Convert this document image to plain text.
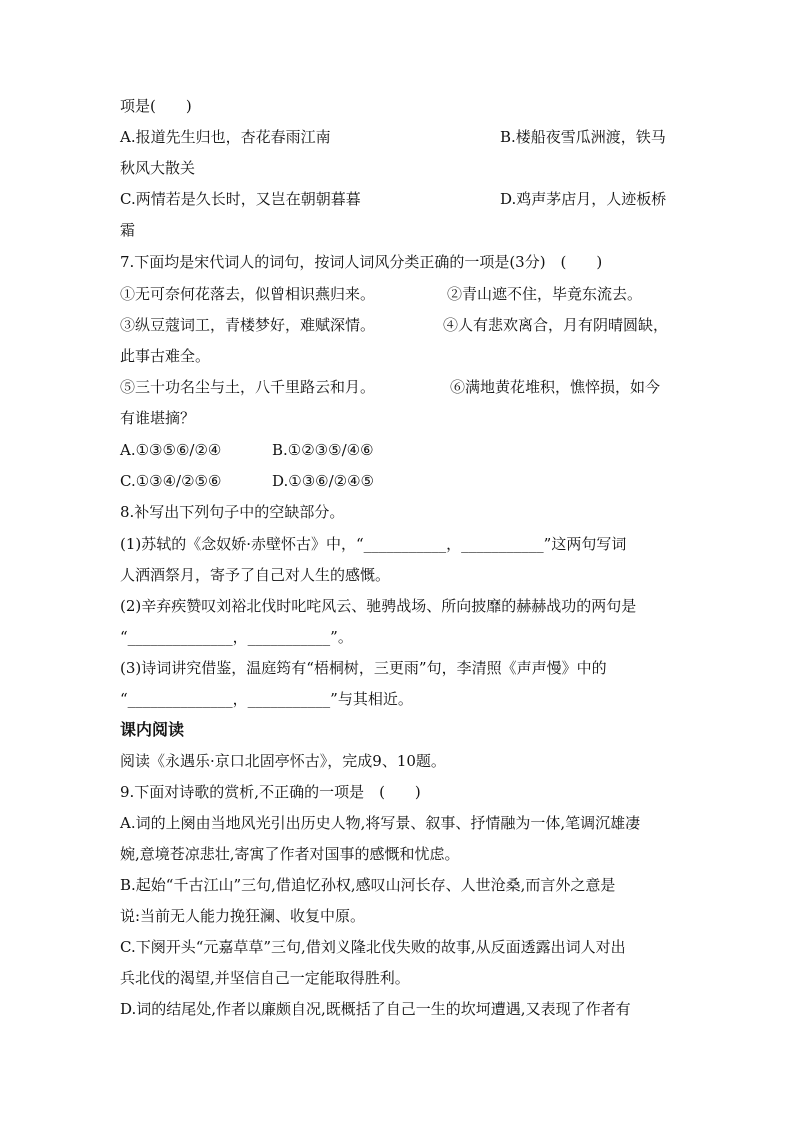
项是(　　)
A.报道先生归也，杏花春雨江南	B.楼船夜雪瓜洲渡，铁马
秋风大散关
C.两情若是久长时，又岂在朝朝暮暮	D.鸡声茅店月，人迹板桥
霜
7.下面均是宋代词人的词句，按词人词风分类正确的一项是(3分)　(　　)
①无可奈何花落去，似曾相识燕归来。	②青山遮不住，毕竟东流去。
③纵豆蔻词工，青楼梦好，难赋深情。	④人有悲欢离合，月有阴晴圆缺，
此事古难全。
⑤三十功名尘与土，八千里路云和月。	⑥满地黄花堆积，憔悴损，如今
有谁堪摘？
A.①③⑤⑥/②④	B.①②③⑤/④⑥
C.①③④/②⑤⑥	D.①③⑥/②④⑤
8.补写出下列句子中的空缺部分。
(1)苏轼的《念奴娇·赤壁怀古》中，“___________，___________”这两句写词
人洒酒祭月，寄予了自己对人生的感慨。
(2)辛弃疾赞叹刘裕北伐时叱咤风云、驰骋战场、所向披靡的赫赫战功的两句是
“______________，___________”。
(3)诗词讲究借鉴，温庭筠有“梧桐树，三更雨”句，李清照《声声慢》中的
“______________，___________”与其相近。
课内阅读
阅读《永遇乐·京口北固亭怀古》，完成9、10题。
9.下面对诗歌的赏析,不正确的一项是　(　　)
A.词的上阕由当地风光引出历史人物,将写景、叙事、抒情融为一体,笔调沉雄凄
婉,意境苍凉悲壮,寄寓了作者对国事的感慨和忧虑。
B.起始“千古江山”三句,借追忆孙权,感叹山河长存、人世沧桑,而言外之意是
说:当前无人能力挽狂澜、收复中原。
C.下阕开头“元嘉草草”三句,借刘义隆北伐失败的故事,从反面透露出词人对出
兵北伐的渴望,并坚信自己一定能取得胜利。
D.词的结尾处,作者以廉颇自况,既概括了自己一生的坎坷遭遇,又表现了作者有
